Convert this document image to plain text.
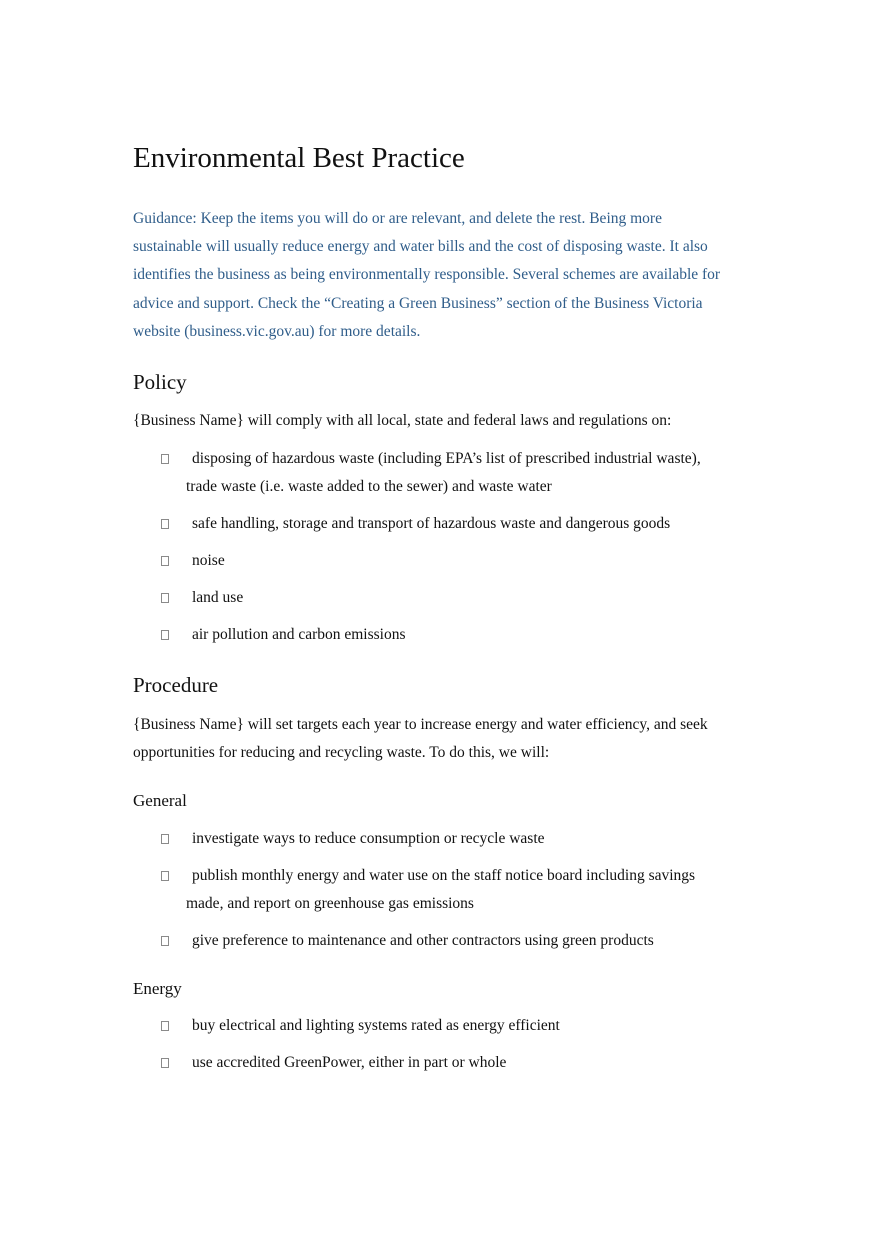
Environmental Best Practice
Guidance: Keep the items you will do or are relevant, and delete the rest. Being more sustainable will usually reduce energy and water bills and the cost of disposing waste. It also identifies the business as being environmentally responsible. Several schemes are available for advice and support. Check the “Creating a Green Business” section of the Business Victoria website (business.vic.gov.au) for more details.
Policy
{Business Name} will comply with all local, state and federal laws and regulations on:
disposing of hazardous waste (including EPA’s list of prescribed industrial waste), trade waste (i.e. waste added to the sewer) and waste water
safe handling, storage and transport of hazardous waste and dangerous goods
noise
land use
air pollution and carbon emissions
Procedure
{Business Name} will set targets each year to increase energy and water efficiency, and seek opportunities for reducing and recycling waste. To do this, we will:
General
investigate ways to reduce consumption or recycle waste
publish monthly energy and water use on the staff notice board including savings made, and report on greenhouse gas emissions
give preference to maintenance and other contractors using green products
Energy
buy electrical and lighting systems rated as energy efficient
use accredited GreenPower, either in part or whole
